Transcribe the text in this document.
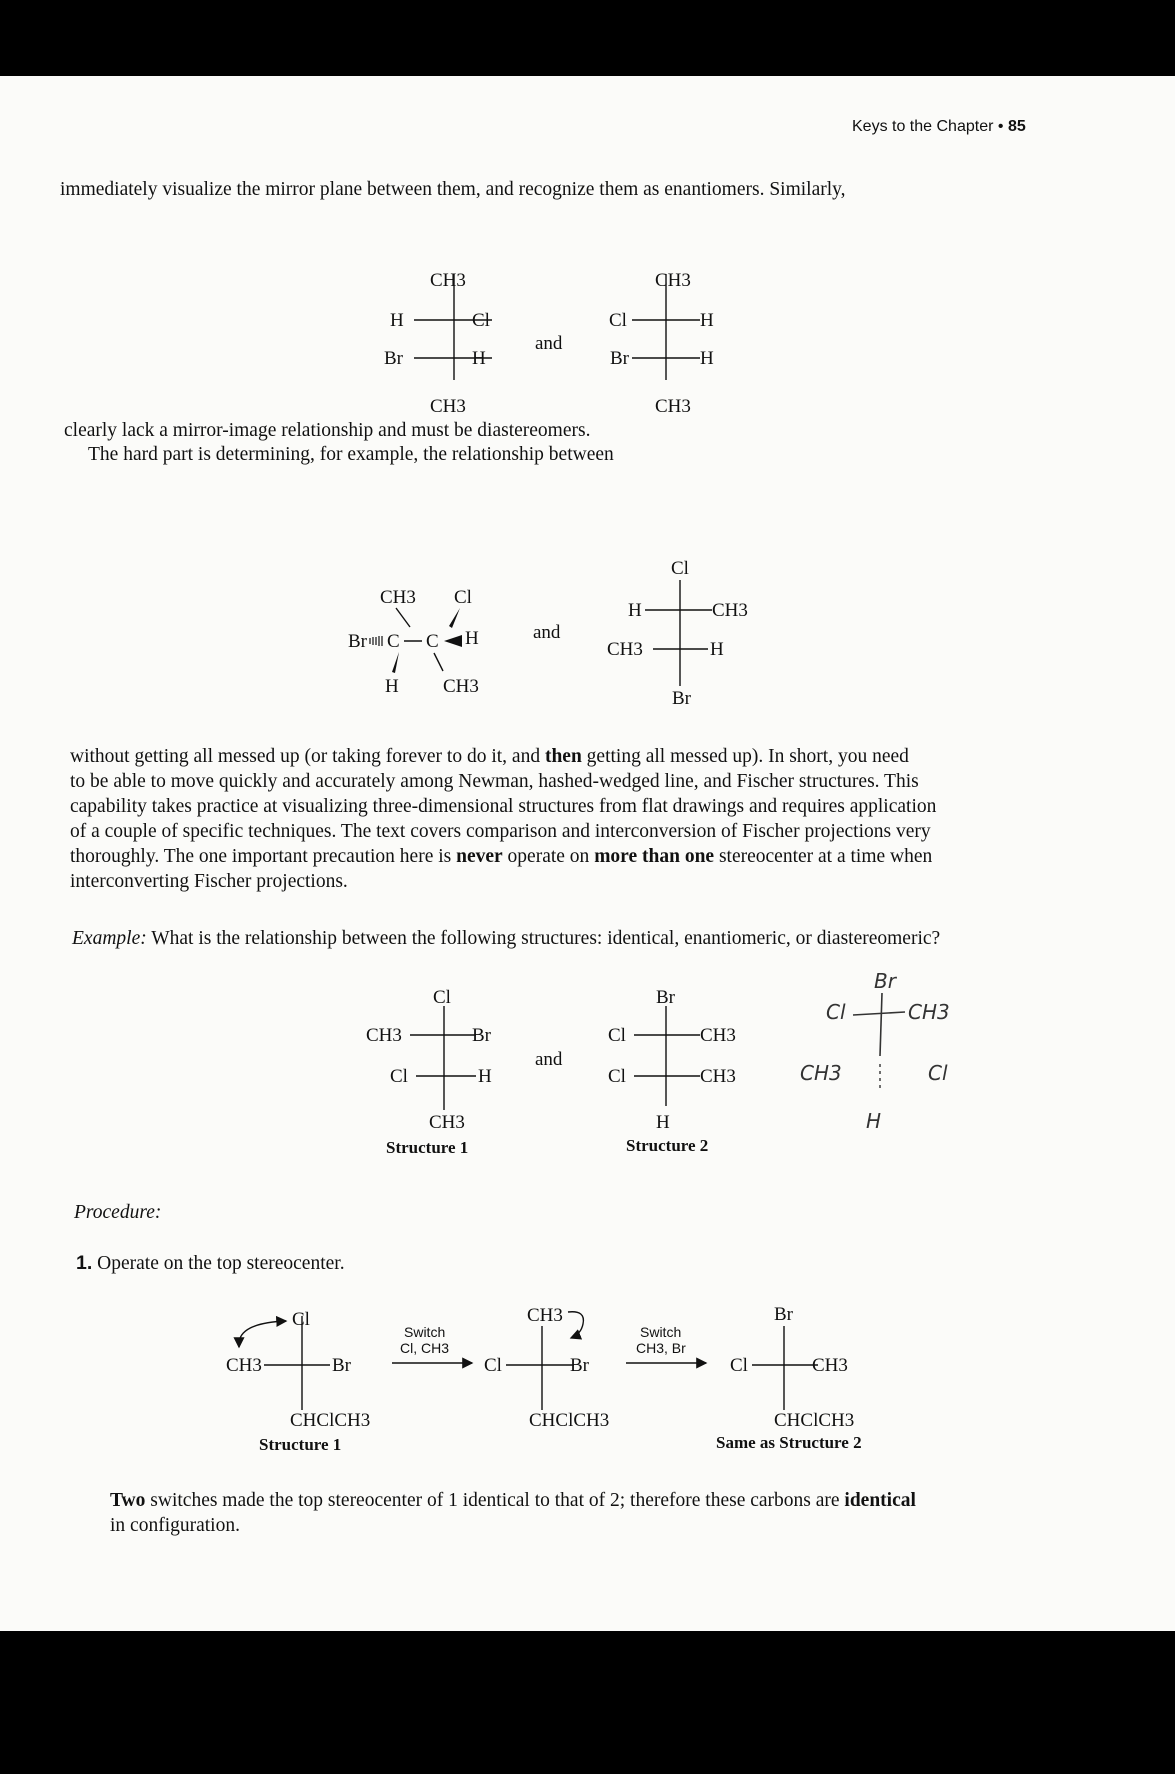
Keys to the Chapter • 85
immediately visualize the mirror plane between them, and recognize them as enantiomers. Similarly,
clearly lack a mirror-image relationship and must be diastereomers.
The hard part is determining, for example, the relationship between
without getting all messed up (or taking forever to do it, and then getting all messed up). In short, you need
to be able to move quickly and accurately among Newman, hashed-wedged line, and Fischer structures. This
capability takes practice at visualizing three-dimensional structures from flat drawings and requires application
of a couple of specific techniques. The text covers comparison and interconversion of Fischer projections very
thoroughly. The one important precaution here is never operate on more than one stereocenter at a time when
interconverting Fischer projections.
Example: What is the relationship between the following structures: identical, enantiomeric, or diastereomeric?
Procedure:
1. Operate on the top stereocenter.
Two switches made the top stereocenter of 1 identical to that of 2; therefore these carbons are identical
in configuration.
CH3
H	Cl
Br	H
CH3
and
CH3
Cl	H
Br	H
CH3
CH3 Cl
Br C C H
H CH3
and
Cl
H	CH3
CH3	H
Br
Cl
CH3	Br
Cl	H
CH3
Structure 1
and
Br
Cl	CH3
Cl	CH3
H
Structure 2
Br
Cl	CH3
CH3	Cl
H
Cl
CH3	Br
CHClCH3
Structure 1
Switch
Cl, CH3
CH3
Cl	Br
CHClCH3
Switch
CH3, Br
Br
Cl	CH3
CHClCH3
Same as Structure 2
